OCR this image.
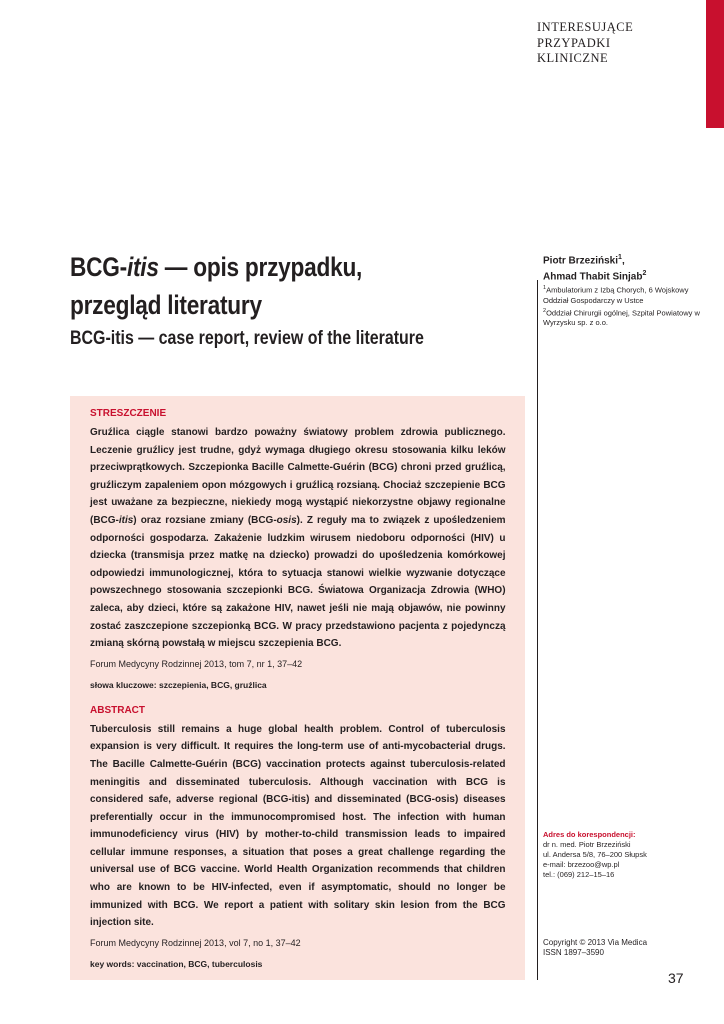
INTERESUJĄCE
PRZYPADKI
KLINICZNE
BCG-itis — opis przypadku,
przegląd literatury
BCG-itis — case report, review of the literature
Piotr Brzeziński$^1$,
Ahmad Thabit Sinjab$^2$
$^1$Ambulatorium z Izbą Chorych, 6 Wojskowy Oddział Gospodarczy w Ustce
$^2$Oddział Chirurgii ogólnej, Szpital Powiatowy w Wyrzysku sp. z o.o.
STRESZCZENIE
Gruźlica ciągle stanowi bardzo poważny światowy problem zdrowia publicznego. Leczenie gruźlicy jest trudne, gdyż wymaga długiego okresu stosowania kilku leków przeciwprątkowych. Szczepionka Bacille Calmette-Guérin (BCG) chroni przed gruźlicą, gruźliczym zapaleniem opon mózgowych i gruźlicą rozsianą. Chociaż szczepienie BCG jest uważane za bezpieczne, niekiedy mogą wystąpić niekorzystne objawy regionalne (BCG-itis) oraz rozsiane zmiany (BCG-osis). Z reguły ma to związek z upośledzeniem odporności gospodarza. Zakażenie ludzkim wirusem niedoboru odporności (HIV) u dziecka (transmisja przez matkę na dziecko) prowadzi do upośledzenia komórkowej odpowiedzi immunologicznej, która to sytuacja stanowi wielkie wyzwanie dotyczące powszechnego stosowania szczepionki BCG. Światowa Organizacja Zdrowia (WHO) zaleca, aby dzieci, które są zakażone HIV, nawet jeśli nie mają objawów, nie powinny zostać zaszczepione szczepionką BCG. W pracy przedstawiono pacjenta z pojedynczą zmianą skórną powstałą w miejscu szczepienia BCG.
Forum Medycyny Rodzinnej 2013, tom 7, nr 1, 37–42
słowa kluczowe: szczepienia, BCG, gruźlica
ABSTRACT
Tuberculosis still remains a huge global health problem. Control of tuberculosis expansion is very difficult. It requires the long-term use of anti-mycobacterial drugs. The Bacille Calmette-Guérin (BCG) vaccination protects against tuberculosis-related meningitis and disseminated tuberculosis. Although vaccination with BCG is considered safe, adverse regional (BCG-itis) and disseminated (BCG-osis) diseases preferentially occur in the immunocompromised host. The infection with human immunodeficiency virus (HIV) by mother-to-child transmission leads to impaired cellular immune responses, a situation that poses a great challenge regarding the universal use of BCG vaccine. World Health Organization recommends that children who are known to be HIV-infected, even if asymptomatic, should no longer be immunized with BCG. We report a patient with solitary skin lesion from the BCG injection site.
Forum Medycyny Rodzinnej 2013, vol 7, no 1, 37–42
key words: vaccination, BCG, tuberculosis
Adres do korespondencji:
dr n. med. Piotr Brzeziński
ul. Andersa 5/8, 76–200 Słupsk
e-mail: brzezoo@wp.pl
tel.: (069) 212–15–16
Copyright © 2013 Via Medica
ISSN 1897–3590
37
